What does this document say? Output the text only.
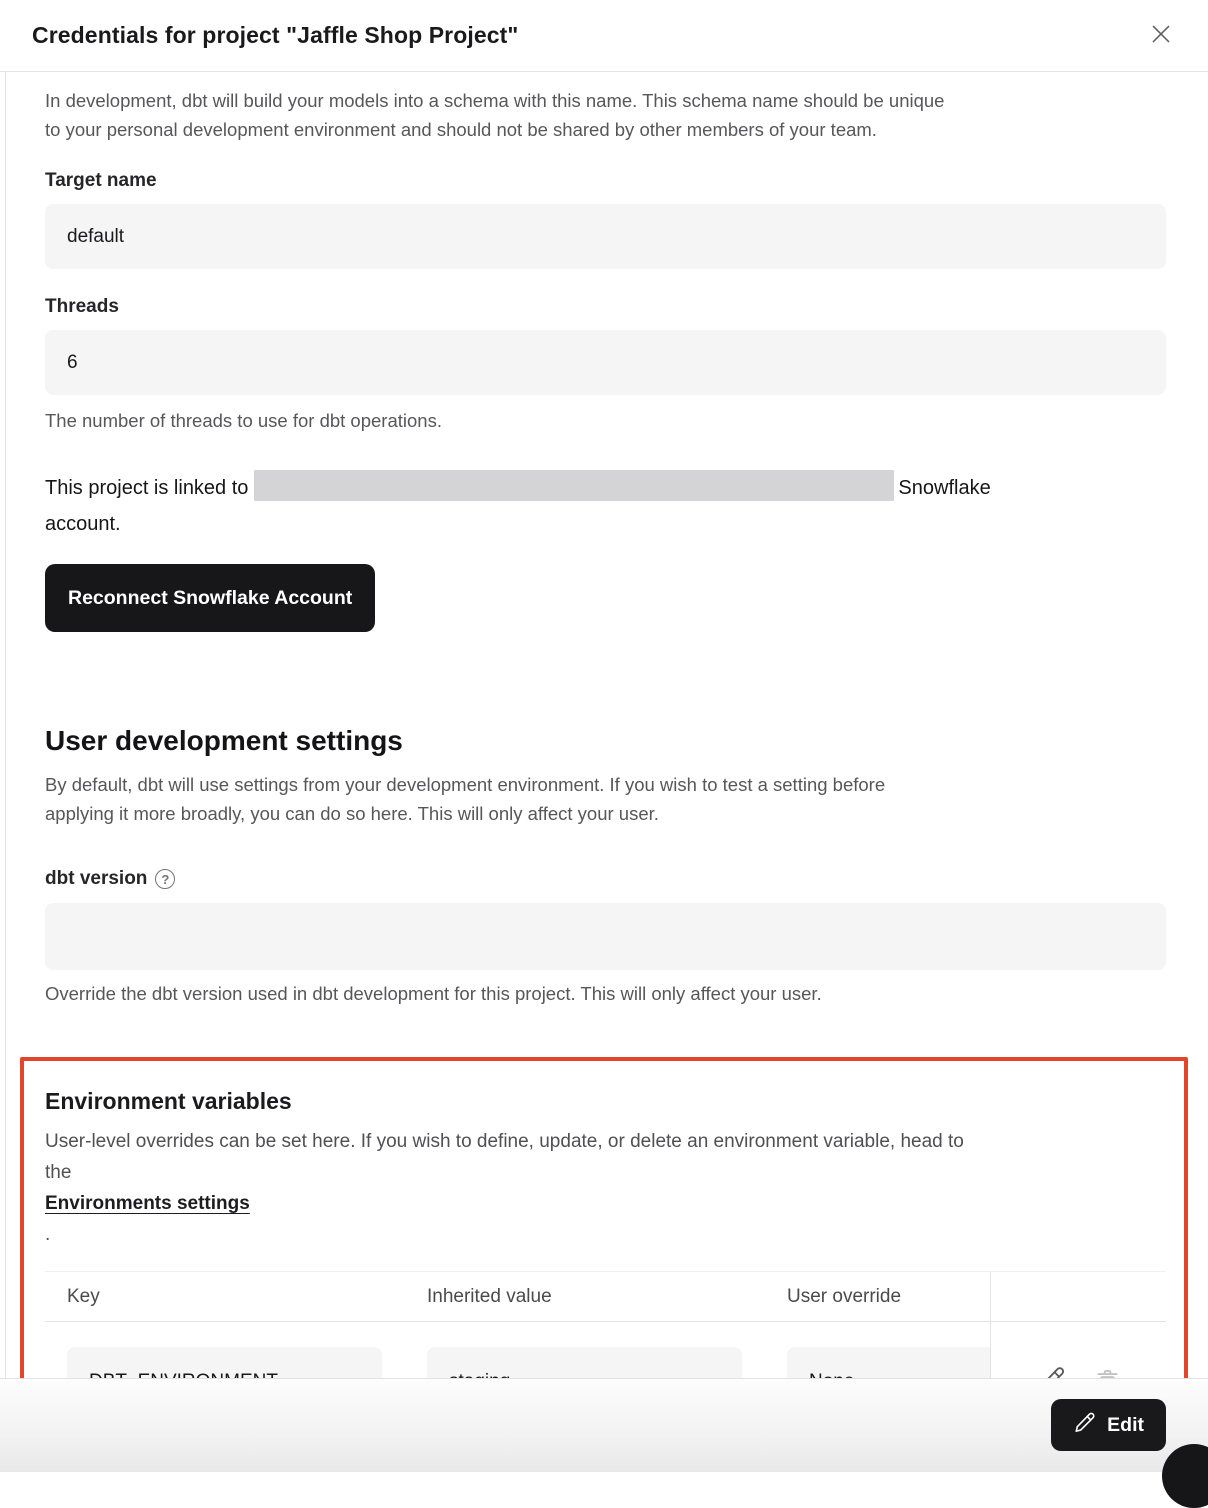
Credentials for project "Jaffle Shop Project"

In development, dbt will build your models into a schema with this name. This schema name should be unique
to your personal development environment and should not be shared by other members of your team.

Target name
default
Threads
6
The number of threads to use for dbt operations.

This project is linked to	Snowflake account.

Reconnect Snowflake Account
User development settings

By default, dbt will use settings from your development environment. If you wish to test a setting before
applying it more broadly, you can do so here. This will only affect your user.

dbt version	?
Override the dbt version used in dbt development for this project. This will only affect your user.
Environment variables

User-level overrides can be set here. If you wish to define, update, or delete an environment variable, head to
the
Environments settings
.

Key	Inherited value	User override
Edit
